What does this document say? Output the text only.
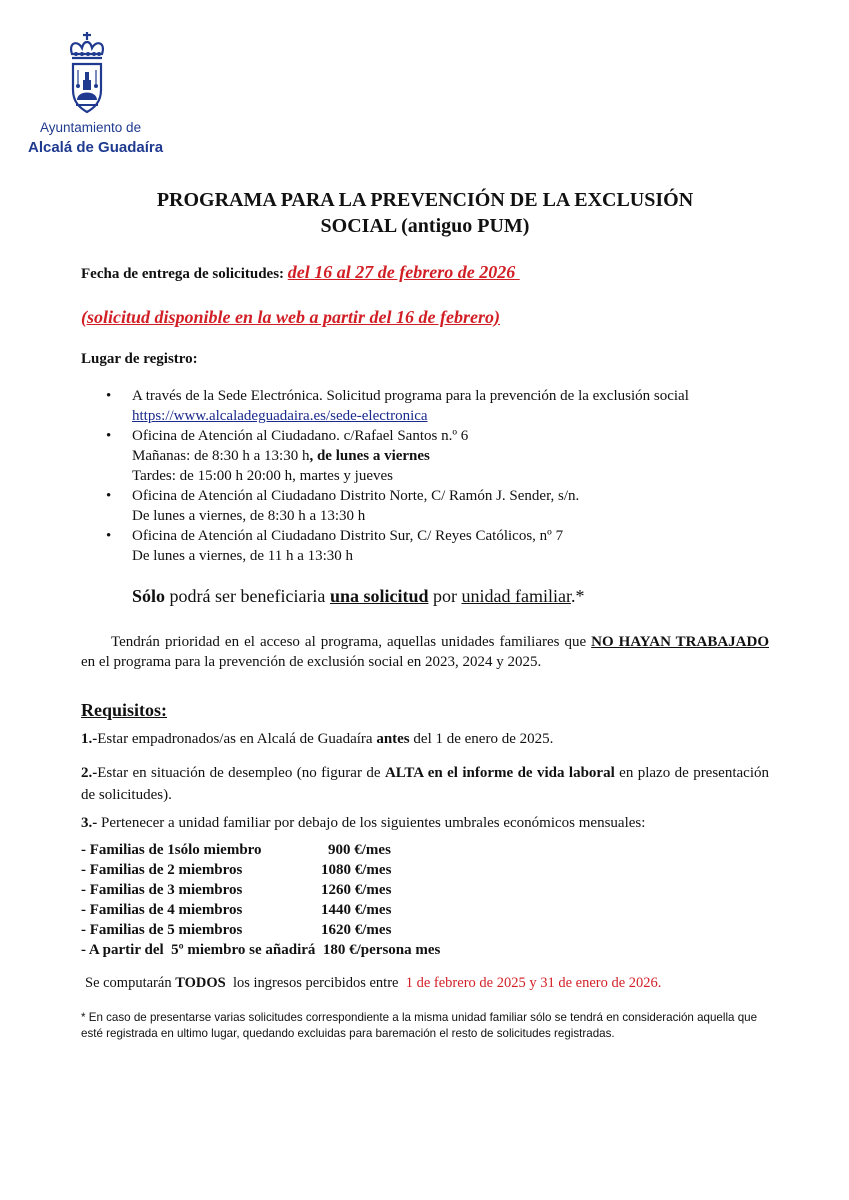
Ayuntamiento de
Alcalá de Guadaíra
PROGRAMA PARA LA PREVENCIÓN DE LA EXCLUSIÓN
SOCIAL (antiguo PUM)
Fecha de entrega de solicitudes: del 16 al 27 de febrero de 2026
(solicitud disponible en la web a partir del 16 de febrero)
Lugar de registro:
• A través de la Sede Electrónica. Solicitud programa para la prevención de la exclusión social
https://www.alcaladeguadaira.es/sede-electronica
• Oficina de Atención al Ciudadano. c/Rafael Santos n.º 6
Mañanas: de 8:30 h a 13:30 h, de lunes a viernes
Tardes: de 15:00 h 20:00 h, martes y jueves
• Oficina de Atención al Ciudadano Distrito Norte, C/ Ramón J. Sender, s/n.
De lunes a viernes, de 8:30 h a 13:30 h
• Oficina de Atención al Ciudadano Distrito Sur, C/ Reyes Católicos, nº 7
De lunes a viernes, de 11 h a 13:30 h
Sólo podrá ser beneficiaria una solicitud por unidad familiar.*
Tendrán prioridad en el acceso al programa, aquellas unidades familiares que NO HAYAN TRABAJADO en el programa para la prevención de exclusión social en 2023, 2024 y 2025.
Requisitos:
1.-Estar empadronados/as en Alcalá de Guadaíra antes del 1 de enero de 2025.
2.-Estar en situación de desempleo (no figurar de ALTA en el informe de vida laboral en plazo de presentación de solicitudes).
3.- Pertenecer a unidad familiar por debajo de los siguientes umbrales económicos mensuales:
- Familias de 1sólo miembro	900 €/mes
- Familias de 2 miembros	1080 €/mes
- Familias de 3 miembros	1260 €/mes
- Familias de 4 miembros	1440 €/mes
- Familias de 5 miembros	1620 €/mes
- A partir del  5º miembro se añadirá  180 €/persona mes
Se computarán TODOS  los ingresos percibidos entre  1 de febrero de 2025 y 31 de enero de 2026.
* En caso de presentarse varias solicitudes correspondiente a la misma unidad familiar sólo se tendrá en consideración aquella que esté registrada en ultimo lugar, quedando excluidas para baremación el resto de solicitudes registradas.
